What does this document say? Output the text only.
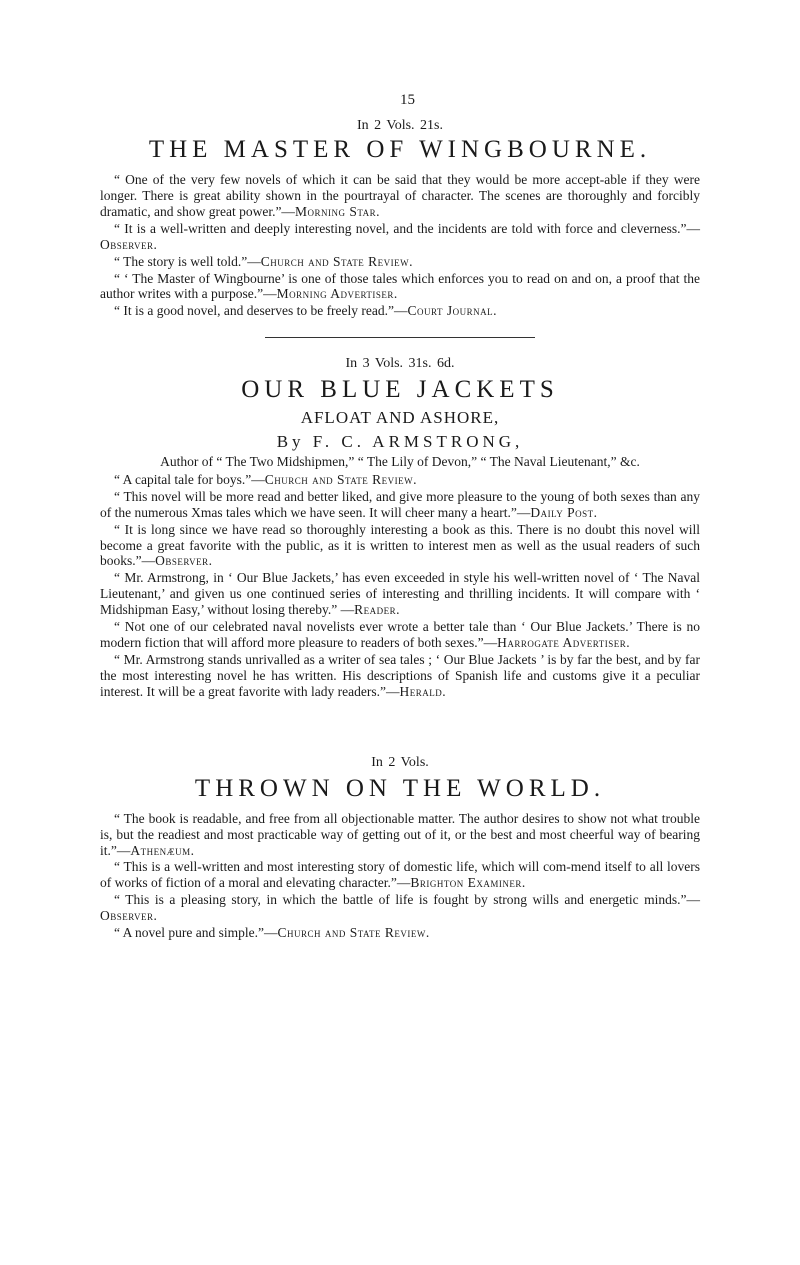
15

In 2 Vols. 21s.

THE MASTER OF WINGBOURNE.

“ One of the very few novels of which it can be said that they would be more accept-able if they were longer. There is great ability shown in the pourtrayal of character. The scenes are thoroughly and forcibly dramatic, and show great power.”—Morning Star.

“ It is a well-written and deeply interesting novel, and the incidents are told with force and cleverness.”—Observer.

“ The story is well told.”—Church and State Review.

“ ‘ The Master of Wingbourne’ is one of those tales which enforces you to read on and on, a proof that the author writes with a purpose.”—Morning Advertiser.

“ It is a good novel, and deserves to be freely read.”—Court Journal.

In 3 Vols. 31s. 6d.

OUR BLUE JACKETS

AFLOAT AND ASHORE,

By F. C. ARMSTRONG,

Author of “ The Two Midshipmen,” “ The Lily of Devon,” “ The Naval Lieutenant,” &c.

“ A capital tale for boys.”—Church and State Review.

“ This novel will be more read and better liked, and give more pleasure to the young of both sexes than any of the numerous Xmas tales which we have seen. It will cheer many a heart.”—Daily Post.

“ It is long since we have read so thoroughly interesting a book as this. There is no doubt this novel will become a great favorite with the public, as it is written to interest men as well as the usual readers of such books.”—Observer.

“ Mr. Armstrong, in ‘ Our Blue Jackets,’ has even exceeded in style his well-written novel of ‘ The Naval Lieutenant,’ and given us one continued series of interesting and thrilling incidents. It will compare with ‘ Midshipman Easy,’ without losing thereby.” —Reader.

“ Not one of our celebrated naval novelists ever wrote a better tale than ‘ Our Blue Jackets.’ There is no modern fiction that will afford more pleasure to readers of both sexes.”—Harrogate Advertiser.

“ Mr. Armstrong stands unrivalled as a writer of sea tales ; ‘ Our Blue Jackets ’ is by far the best, and by far the most interesting novel he has written. His descriptions of Spanish life and customs give it a peculiar interest. It will be a great favorite with lady readers.”—Herald.

In 2 Vols.

THROWN ON THE WORLD.

“ The book is readable, and free from all objectionable matter. The author desires to show not what trouble is, but the readiest and most practicable way of getting out of it, or the best and most cheerful way of bearing it.”—Athenæum.

“ This is a well-written and most interesting story of domestic life, which will com-mend itself to all lovers of works of fiction of a moral and elevating character.”—Brighton Examiner.

“ This is a pleasing story, in which the battle of life is fought by strong wills and energetic minds.”—Observer.

“ A novel pure and simple.”—Church and State Review.
